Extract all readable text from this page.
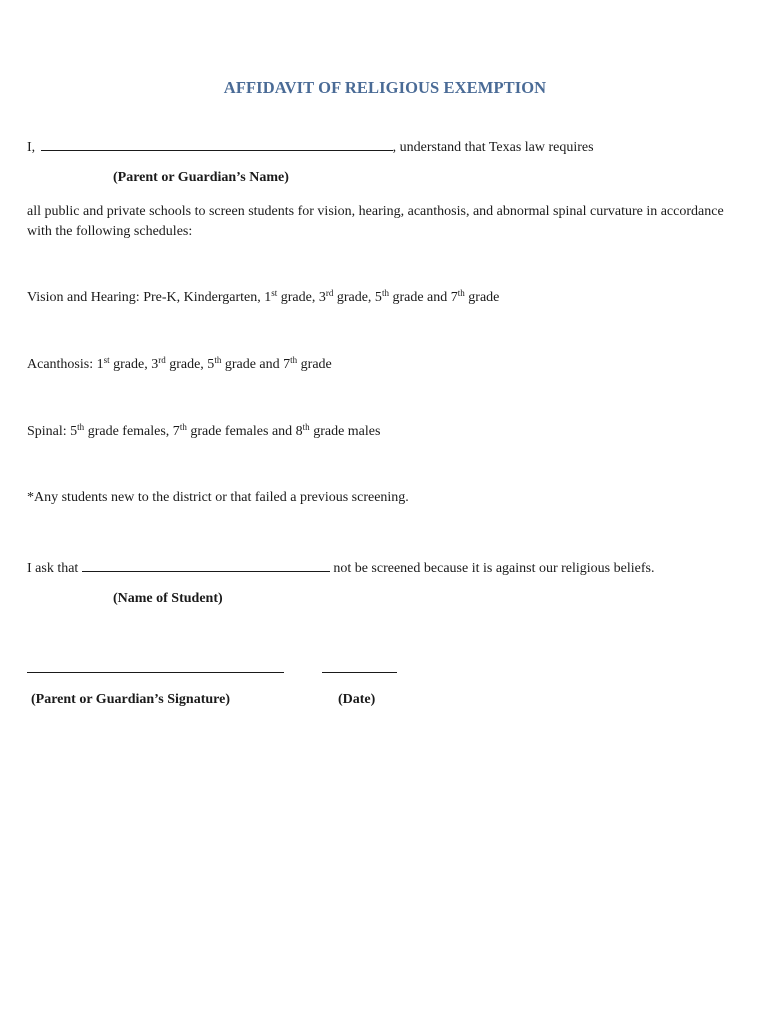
AFFIDAVIT OF RELIGIOUS EXEMPTION
I,	, understand that Texas law requires
(Parent or Guardian’s Name)
all public and private schools to screen students for vision, hearing, acanthosis, and abnormal spinal curvature in accordance with the following schedules:
Vision and Hearing: Pre-K, Kindergarten, 1st grade, 3rd grade, 5th grade and 7th grade
Acanthosis: 1st grade, 3rd grade, 5th grade and 7th grade
Spinal: 5th grade females, 7th grade females and 8th grade males
*Any students new to the district or that failed a previous screening.
I ask that	not be screened because it is against our religious beliefs.
(Name of Student)
(Parent or Guardian’s Signature)	(Date)
